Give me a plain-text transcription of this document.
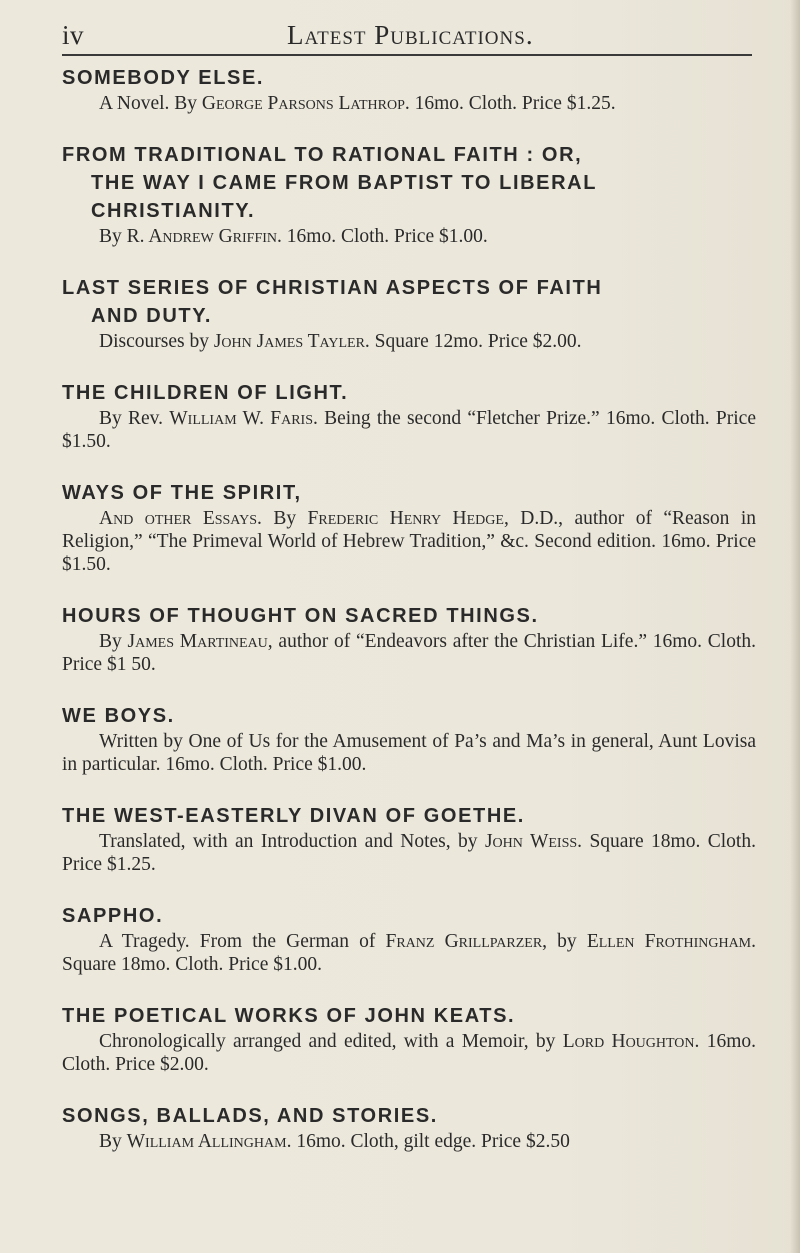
iv	Latest Publications.
SOMEBODY ELSE.
A Novel. By George Parsons Lathrop. 16mo. Cloth. Price $1.25.
FROM TRADITIONAL TO RATIONAL FAITH : OR,
THE WAY I CAME FROM BAPTIST TO LIBERAL
CHRISTIANITY.
By R. Andrew Griffin. 16mo. Cloth. Price $1.00.
LAST SERIES OF CHRISTIAN ASPECTS OF FAITH
AND DUTY.
Discourses by John James Tayler. Square 12mo. Price $2.00.
THE CHILDREN OF LIGHT.
By Rev. William W. Faris. Being the second “Fletcher Prize.” 16mo. Cloth. Price $1.50.
WAYS OF THE SPIRIT,
And other Essays. By Frederic Henry Hedge, D.D., author of “Reason in Religion,” “The Primeval World of Hebrew Tradition,” &c. Second edition. 16mo. Price $1.50.
HOURS OF THOUGHT ON SACRED THINGS.
By James Martineau, author of “Endeavors after the Christian Life.” 16mo. Cloth. Price $1 50.
WE BOYS.
Written by One of Us for the Amusement of Pa’s and Ma’s in general, Aunt Lovisa in particular. 16mo. Cloth. Price $1.00.
THE WEST-EASTERLY DIVAN OF GOETHE.
Translated, with an Introduction and Notes, by John Weiss. Square 18mo. Cloth. Price $1.25.
SAPPHO.
A Tragedy. From the German of Franz Grillparzer, by Ellen Frothingham. Square 18mo. Cloth. Price $1.00.
THE POETICAL WORKS OF JOHN KEATS.
Chronologically arranged and edited, with a Memoir, by Lord Houghton. 16mo. Cloth. Price $2.00.
SONGS, BALLADS, AND STORIES.
By William Allingham. 16mo. Cloth, gilt edge. Price $2.50
